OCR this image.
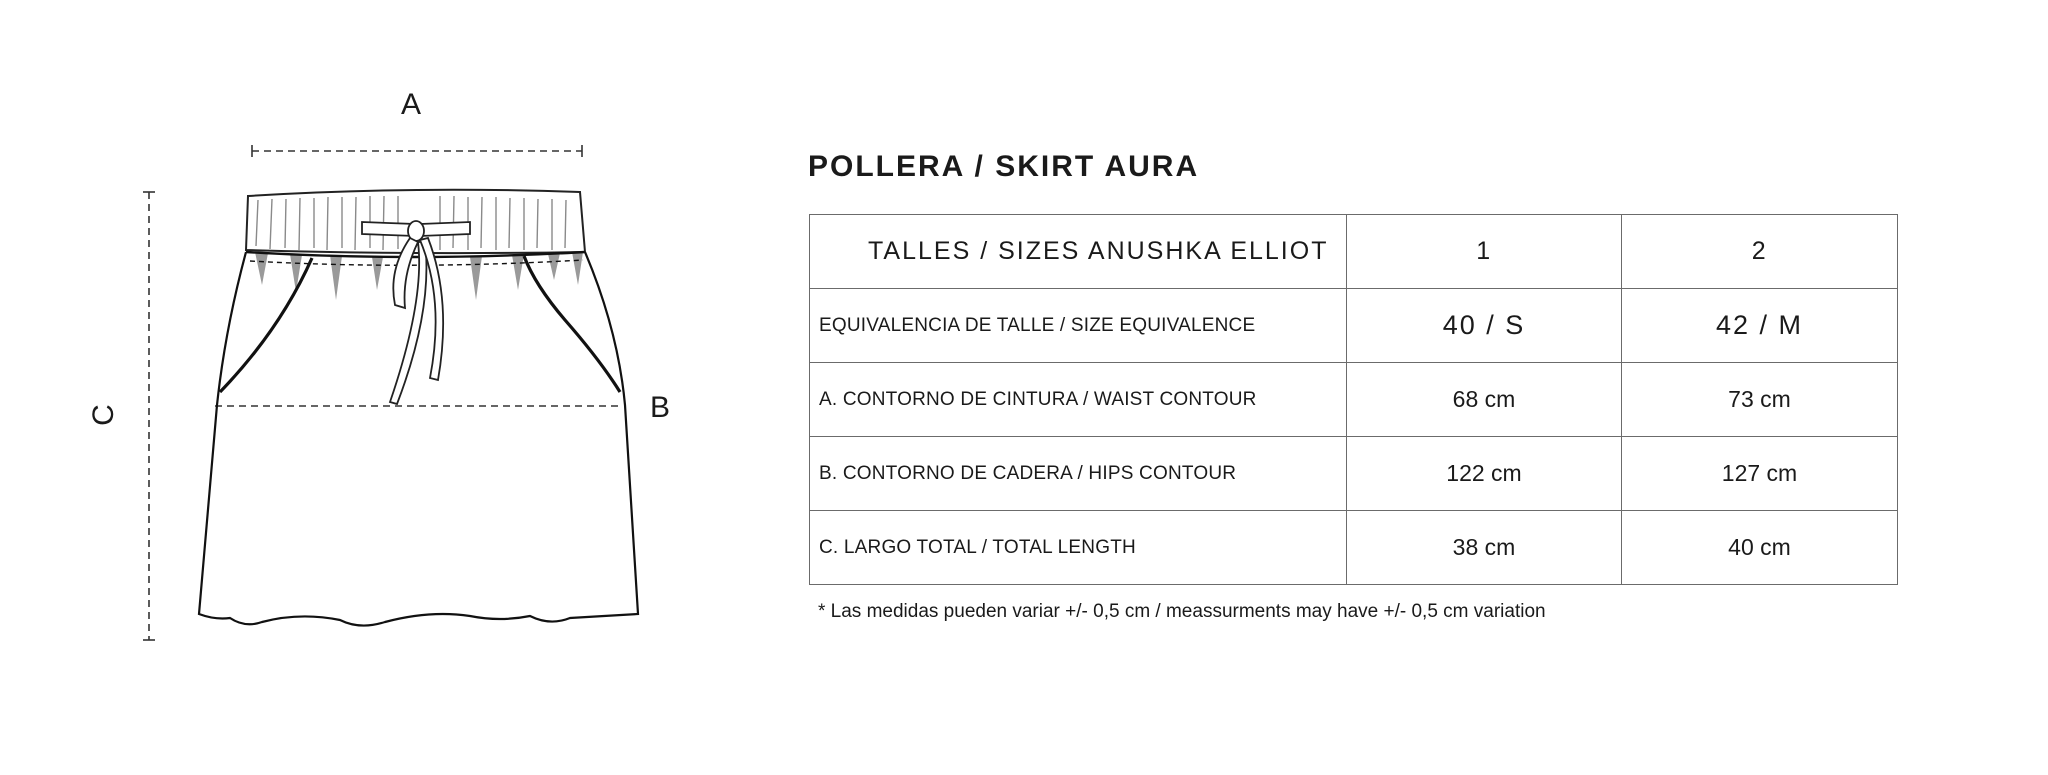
A
B
C
POLLERA / SKIRT AURA
TALLES / SIZES ANUSHKA ELLIOT	1	2
EQUIVALENCIA DE TALLE / SIZE EQUIVALENCE	40 / S	42 / M
A. CONTORNO DE CINTURA / WAIST CONTOUR	68 cm	73 cm
B. CONTORNO DE CADERA / HIPS CONTOUR	122 cm	127 cm
C. LARGO TOTAL / TOTAL LENGTH	38 cm	40 cm
* Las medidas pueden variar +/- 0,5 cm / meassurments may have +/- 0,5 cm variation
